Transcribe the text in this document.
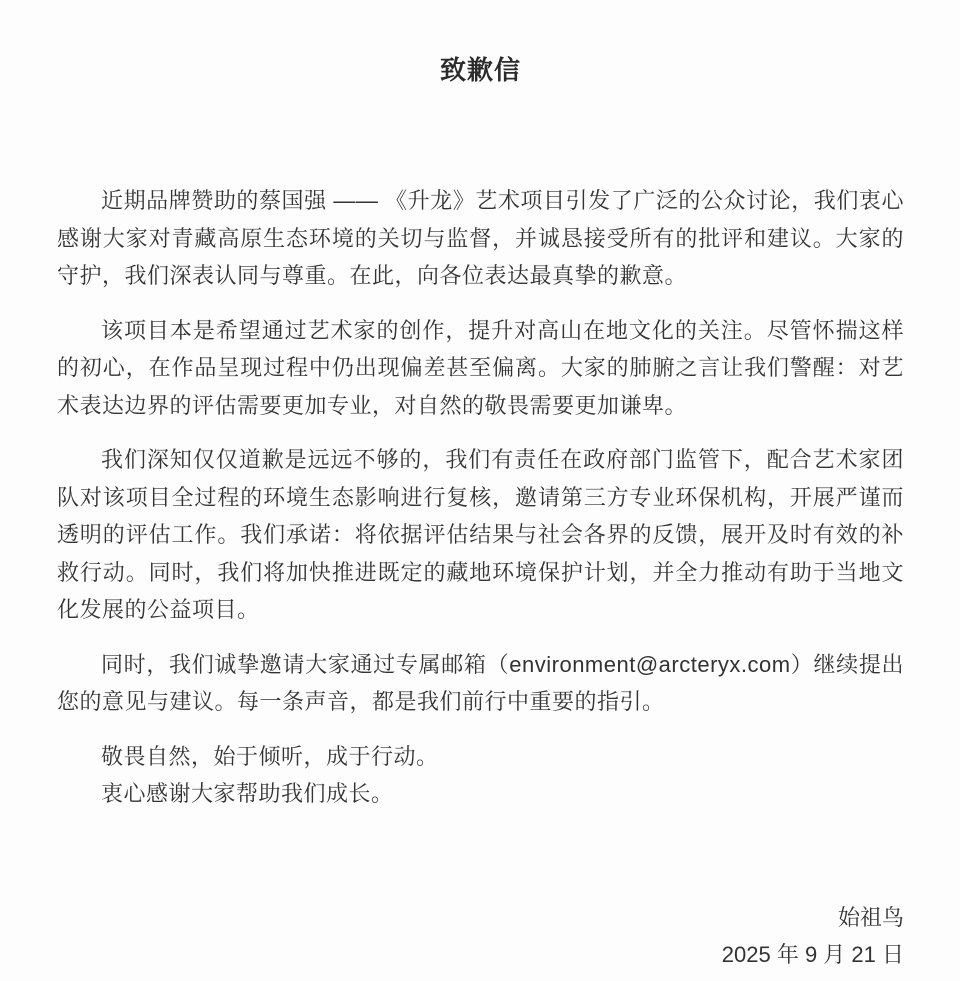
致歉信

近期品牌赞助的蔡国强 —— 《升龙》艺术项目引发了广泛的公众讨论，我们衷心感谢大家对青藏高原生态环境的关切与监督，并诚恳接受所有的批评和建议。大家的守护，我们深表认同与尊重。在此，向各位表达最真挚的歉意。

该项目本是希望通过艺术家的创作，提升对高山在地文化的关注。尽管怀揣这样的初心，在作品呈现过程中仍出现偏差甚至偏离。大家的肺腑之言让我们警醒：对艺术表达边界的评估需要更加专业，对自然的敬畏需要更加谦卑。

我们深知仅仅道歉是远远不够的，我们有责任在政府部门监管下，配合艺术家团队对该项目全过程的环境生态影响进行复核，邀请第三方专业环保机构，开展严谨而透明的评估工作。我们承诺：将依据评估结果与社会各界的反馈，展开及时有效的补救行动。同时，我们将加快推进既定的藏地环境保护计划，并全力推动有助于当地文化发展的公益项目。

同时，我们诚挚邀请大家通过专属邮箱（environment@arcteryx.com）继续提出您的意见与建议。每一条声音，都是我们前行中重要的指引。

敬畏自然，始于倾听，成于行动。

衷心感谢大家帮助我们成长。

始祖鸟
2025 年 9 月 21 日
